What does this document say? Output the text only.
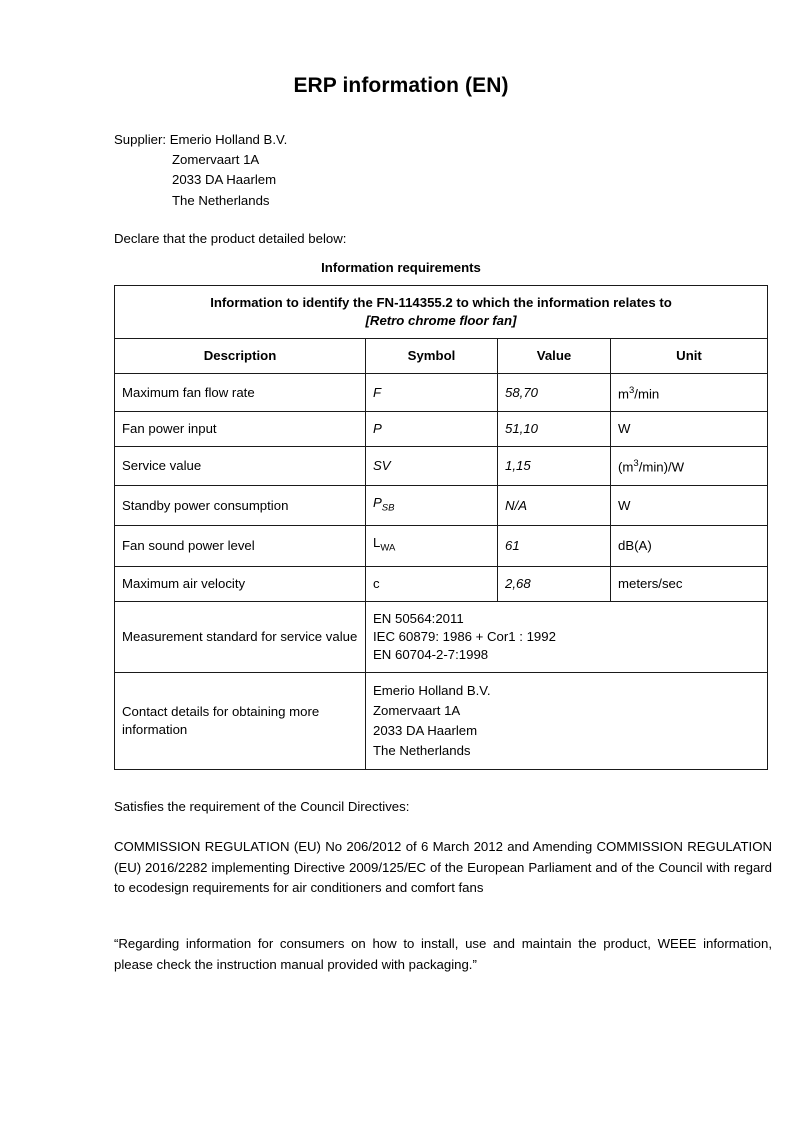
ERP information (EN)
Supplier: Emerio Holland B.V.
Zomervaart 1A
2033 DA Haarlem
The Netherlands
Declare that the product detailed below:
Information requirements
Information to identify the FN-114355.2 to which the information relates to
[Retro chrome floor fan]			

Description	Symbol	Value	Unit
Maximum fan flow rate	F	58,70	$m^3/\min$
Fan power input	P	51,10	W
Service value	SV	1,15	$(m^3/\min)/W$
Standby power consumption	$P_{SB}$	N/A	W
Fan sound power level	$L_{WA}$	61	dB(A)
Maximum air velocity	c	2,68	meters/sec
Measurement standard for service value	EN 50564:2011
IEC 60879: 1986 + Cor1 : 1992
EN 60704-2-7:1998		

Contact details for obtaining more information	Emerio Holland B.V.
Zomervaart 1A
2033 DA Haarlem
The Netherlands		
Satisfies the requirement of the Council Directives:
COMMISSION REGULATION (EU) No 206/2012 of 6 March 2012 and Amending COMMISSION REGULATION (EU) 2016/2282 implementing Directive 2009/125/EC of the European Parliament and of the Council with regard to ecodesign requirements for air conditioners and comfort fans
“Regarding information for consumers on how to install, use and maintain the product, WEEE information, please check the instruction manual provided with packaging.”
